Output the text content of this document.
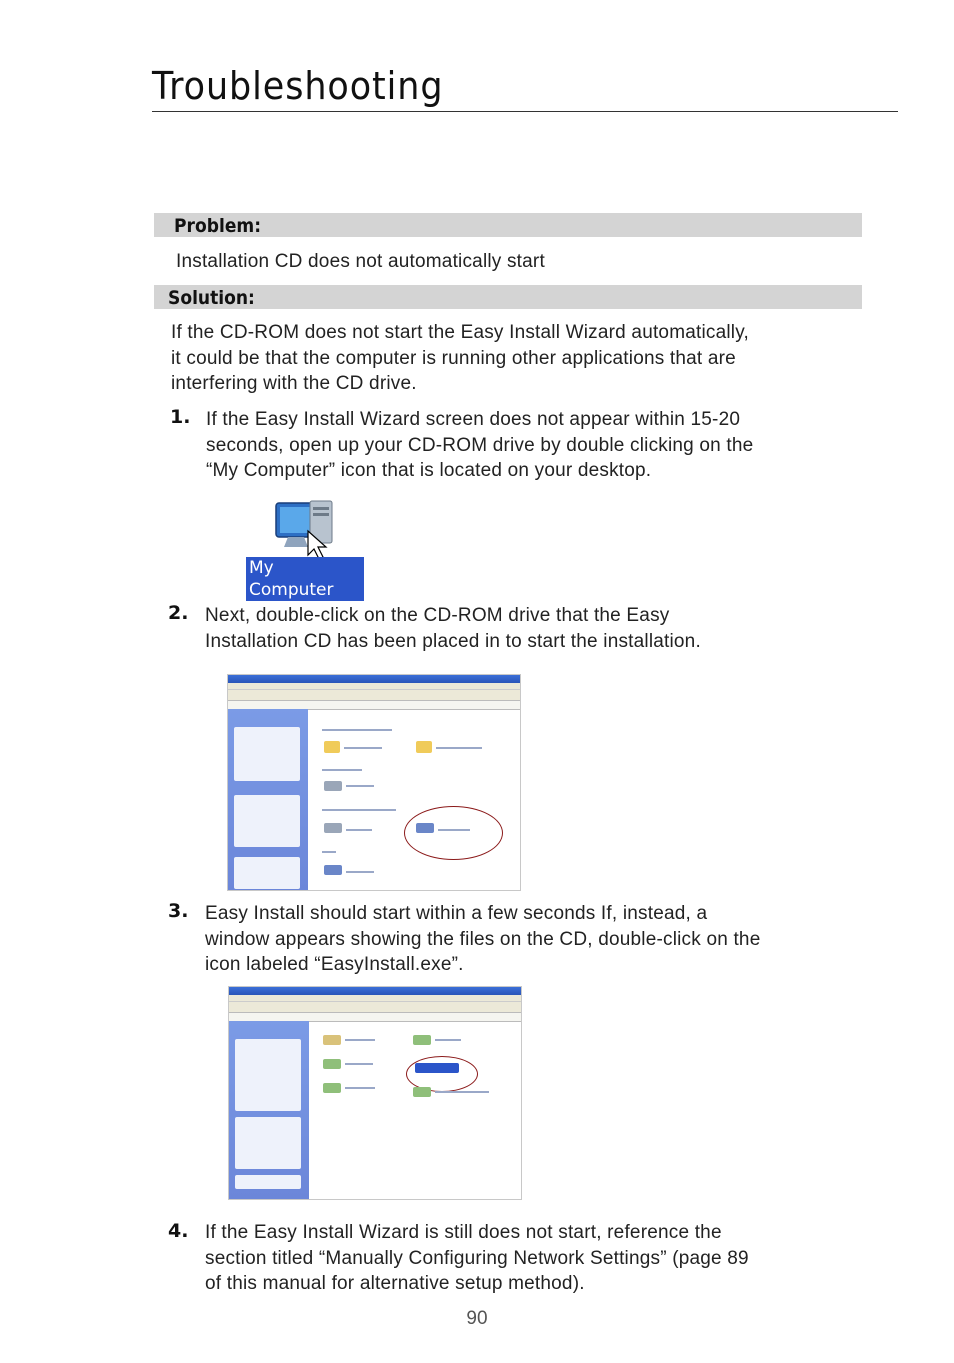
Troubleshooting
Problem:
Installation CD does not automatically start
Solution:
If the CD-ROM does not start the Easy Install Wizard automatically,
it could be that the computer is running other applications that are
interfering with the CD drive.
1. If the Easy Install Wizard screen does not appear within 15-20
seconds, open up your CD-ROM drive by double clicking on the
“My Computer” icon that is located on your desktop.
My Computer
2. Next, double-click on the CD-ROM drive that the Easy
Installation CD has been placed in to start the installation.
3. Easy Install should start within a few seconds If, instead, a
window appears showing the files on the CD, double-click on the
icon labeled “EasyInstall.exe”.
4. If the Easy Install Wizard is still does not start, reference the
section titled “Manually Configuring Network Settings” (page 89
of this manual for alternative setup method).
90
